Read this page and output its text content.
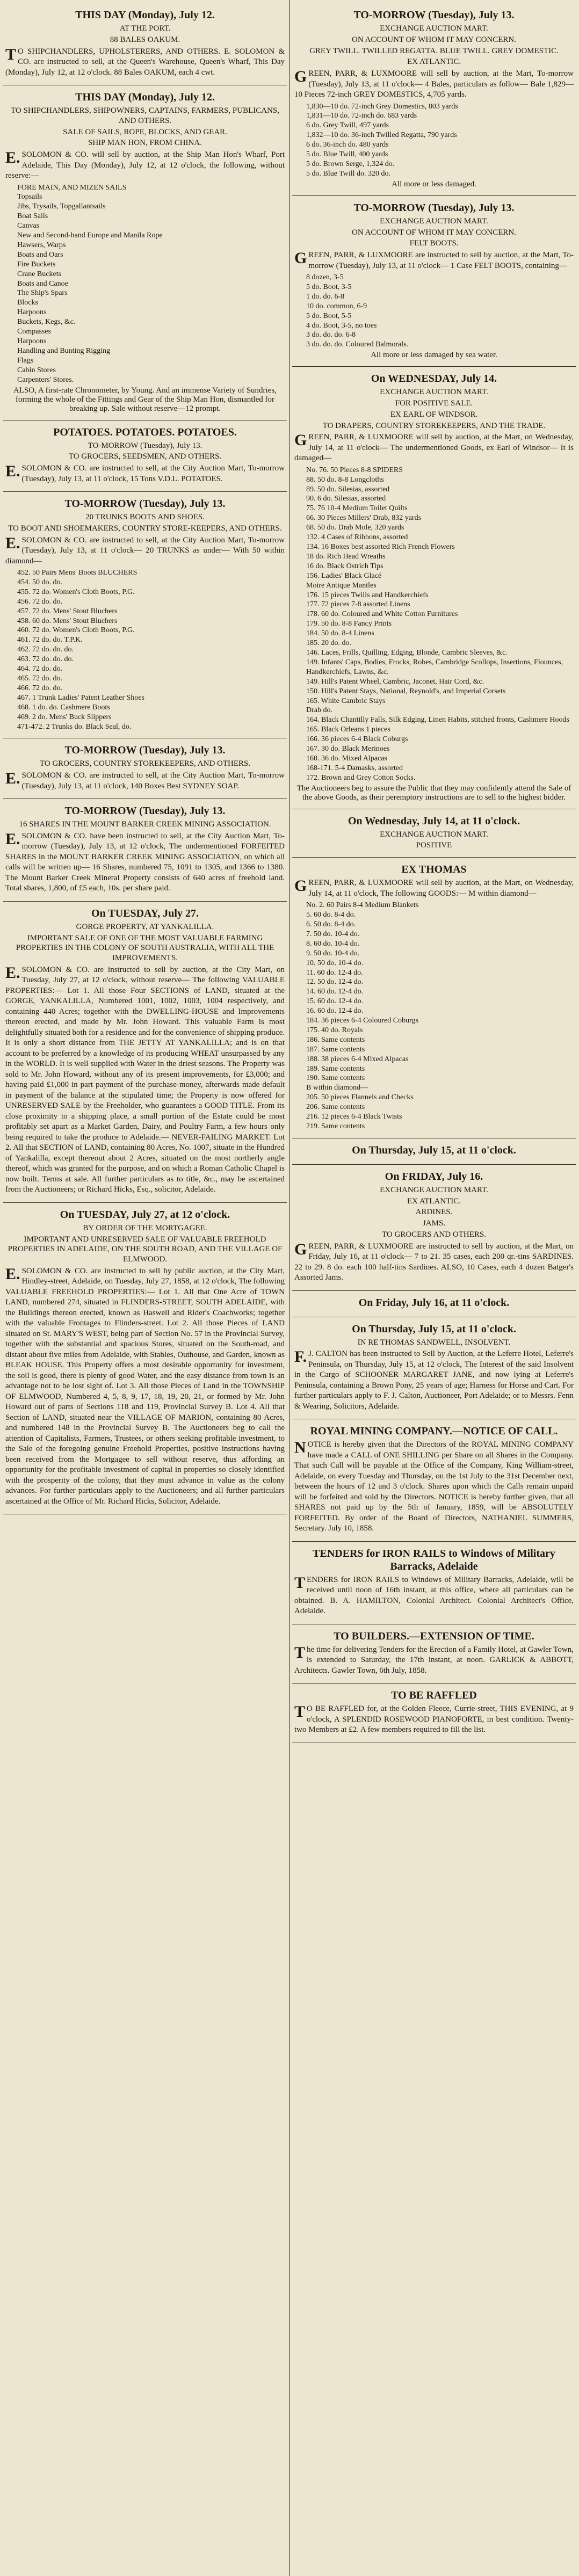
THIS DAY (Monday), July 12.
AT THE PORT.
88 BALES OAKUM.

TO SHIPCHANDLERS, UPHOLSTERERS, AND OTHERS. E. SOLOMON & CO. are instructed to sell, at the Queen's Warehouse, Queen's Wharf, This Day (Monday), July 12, at 12 o'clock. 88 Bales OAKUM, each 4 cwt.

THIS DAY (Monday), July 12.
TO SHIPCHANDLERS, SHIPOWNERS, CAPTAINS, FARMERS, PUBLICANS, AND OTHERS.
SALE OF SAILS, ROPE, BLOCKS, AND GEAR.
SHIP MAN HON, FROM CHINA.

E.SOLOMON & CO. will sell by auction, at the Ship Man Hon's Wharf, Port Adelaide, This Day (Monday), July 12, at 12 o'clock, the following, without reserve:—

FORE MAIN, AND MIZEN SAILS
Topsails
Jibs, Trysails, Topgallantsails
Boat Sails
Canvas
New and Second-hand Europe and Manila Rope
Hawsers, Warps
Boats and Oars
Fire Buckets
Crane Buckets
Boats and Canoe
The Ship's Spars
Blocks
Harpoons
Buckets, Kegs, &c.
Compasses
Harpoons
Handling and Bunting Rigging
Flags
Cabin Stores
Carpenters' Stores.
ALSO, A first-rate Chronometer, by Young. And an immense Variety of Sundries, forming the whole of the Fittings and Gear of the Ship Man Hon, dismantled for breaking up. Sale without reserve—12 prompt.
POTATOES. POTATOES. POTATOES.
TO-MORROW (Tuesday), July 13.
TO GROCERS, SEEDSMEN, AND OTHERS.

E.SOLOMON & CO. are instructed to sell, at the City Auction Mart, To-morrow (Tuesday), July 13, at 11 o'clock, 15 Tons V.D.L. POTATOES.

TO-MORROW (Tuesday), July 13.
20 TRUNKS BOOTS AND SHOES.
TO BOOT AND SHOEMAKERS, COUNTRY STORE-KEEPERS, AND OTHERS.

E.SOLOMON & CO. are instructed to sell, at the City Auction Mart, To-morrow (Tuesday), July 13, at 11 o'clock— 20 TRUNKS as under— With 50 within diamond—

452. 50 Pairs Mens' Boots BLUCHERS
454. 50 do. do.
455. 72 do. Women's Cloth Boots, P.G.
456. 72 do. do.
457. 72 do. Mens' Stout Bluchers
458. 60 do. Mens' Stout Bluchers
460. 72 do. Women's Cloth Boots, P.G.
461. 72 do. do. T.P.K.
462. 72 do. do. do.
463. 72 do. do. do.
464. 72 do. do.
465. 72 do. do.
466. 72 do. do.
467. 1 Trunk Ladies' Patent Leather Shoes
468. 1 do. do. Cashmere Boots
469. 2 do. Mens' Buck Slippers
471-472. 2 Trunks do. Black Seal, do.
TO-MORROW (Tuesday), July 13.
TO GROCERS, COUNTRY STOREKEEPERS, AND OTHERS.

E.SOLOMON & CO. are instructed to sell, at the City Auction Mart, To-morrow (Tuesday), July 13, at 11 o'clock, 140 Boxes Best SYDNEY SOAP.

TO-MORROW (Tuesday), July 13.
16 SHARES IN THE MOUNT BARKER CREEK MINING ASSOCIATION.

E.SOLOMON & CO. have been instructed to sell, at the City Auction Mart, To-morrow (Tuesday), July 13, at 12 o'clock, The undermentioned FORFEITED SHARES in the MOUNT BARKER CREEK MINING ASSOCIATION, on which all calls will be written up— 16 Shares, numbered 75, 1091 to 1305, and 1366 to 1380. The Mount Barker Creek Mineral Property consists of 640 acres of freehold land. Total shares, 1,800, of £5 each, 10s. per share paid.

On TUESDAY, July 27.
GORGE PROPERTY, AT YANKALILLA.
IMPORTANT SALE OF ONE OF THE MOST VALUABLE FARMING PROPERTIES IN THE COLONY OF SOUTH AUSTRALIA, WITH ALL THE IMPROVEMENTS.

E.SOLOMON & CO. are instructed to sell by auction, at the City Mart, on Tuesday, July 27, at 12 o'clock, without reserve— The following VALUABLE PROPERTIES:— Lot 1. All those Four SECTIONS of LAND, situated at the GORGE, YANKALILLA, Numbered 1001, 1002, 1003, 1004 respectively, and containing 440 Acres; together with the DWELLING-HOUSE and Improvements thereon erected, and made by Mr. John Howard. This valuable Farm is most delightfully situated both for a residence and for the convenience of shipping produce. It is only a short distance from THE JETTY AT YANKALILLA; and is on that account to be preferred by a knowledge of its producing WHEAT unsurpassed by any in the WORLD. It is well supplied with Water in the driest seasons. The Property was sold to Mr. John Howard, without any of its present improvements, for £3,000; and having paid £1,000 in part payment of the purchase-money, afterwards made default in payment of the balance at the stipulated time; the Property is now offered for UNRESERVED SALE by the Freeholder, who guarantees a GOOD TITLE. From its close proximity to a shipping place, a small portion of the Estate could be most profitably set apart as a Market Garden, Dairy, and Poultry Farm, a few hours only being required to take the produce to Adelaide.— NEVER-FAILING MARKET. Lot 2. All that SECTION of LAND, containing 80 Acres, No. 1007, situate in the Hundred of Yankalilla, except thereout about 2 Acres, situated on the most northerly angle thereof, which was granted for the purpose, and on which a Roman Catholic Chapel is now built. Terms at sale. All further particulars as to title, &c., may be ascertained from the Auctioneers; or Richard Hicks, Esq., solicitor, Adelaide.

On TUESDAY, July 27, at 12 o'clock.
BY ORDER OF THE MORTGAGEE.
IMPORTANT AND UNRESERVED SALE OF VALUABLE FREEHOLD PROPERTIES IN ADELAIDE, ON THE SOUTH ROAD, AND THE VILLAGE OF ELMWOOD.

E.SOLOMON & CO. are instructed to sell by public auction, at the City Mart, Hindley-street, Adelaide, on Tuesday, July 27, 1858, at 12 o'clock, The following VALUABLE FREEHOLD PROPERTIES:— Lot 1. All that One Acre of TOWN LAND, numbered 274, situated in FLINDERS-STREET, SOUTH ADELAIDE, with the Buildings thereon erected, known as Haswell and Rider's Coachworks; together with the valuable Frontages to Flinders-street. Lot 2. All those Pieces of LAND situated on St. MARY'S WEST, being part of Section No. 57 in the Provincial Survey, together with the substantial and spacious Stores, situated on the South-road, and distant about five miles from Adelaide, with Stables, Outhouse, and Garden, known as BLEAK HOUSE. This Property offers a most desirable opportunity for investment, the soil is good, there is plenty of good Water, and the easy distance from town is an advantage not to be lost sight of. Lot 3. All those Pieces of Land in the TOWNSHIP OF ELMWOOD, Numbered 4, 5, 8, 9, 17, 18, 19, 20, 21, or formed by Mr. John Howard out of parts of Sections 118 and 119, Provincial Survey B. Lot 4. All that Section of LAND, situated near the VILLAGE OF MARION, containing 80 Acres, and numbered 148 in the Provincial Survey B. The Auctioneers beg to call the attention of Capitalists, Farmers, Trustees, or others seeking profitable investment, to the Sale of the foregoing genuine Freehold Properties, positive instructions having been received from the Mortgagee to sell without reserve, thus affording an opportunity for the profitable investment of capital in properties so closely identified with the prosperity of the colony, that they must advance in value as the colony advances. For further particulars apply to the Auctioneers; and all further particulars ascertained at the Office of Mr. Richard Hicks, Solicitor, Adelaide.

TO-MORROW (Tuesday), July 13.
EXCHANGE AUCTION MART.
ON ACCOUNT OF WHOM IT MAY CONCERN.
GREY TWILL. TWILLED REGATTA. BLUE TWILL. GREY DOMESTIC.
EX ATLANTIC.

GREEN, PARR, & LUXMOORE will sell by auction, at the Mart, To-morrow (Tuesday), July 13, at 11 o'clock— 4 Bales, particulars as follow— Bale 1,829—10 Pieces 72-inch GREY DOMESTICS, 4,705 yards.

1,830—10 do. 72-inch Grey Domestics, 803 yards
1,831—10 do. 72-inch do. 683 yards
6 do. Grey Twill, 497 yards
1,832—10 do. 36-inch Twilled Regatta, 790 yards
6 do. 36-inch do. 480 yards
5 do. Blue Twill, 400 yards
5 do. Brown Serge, 1,324 do.
5 do. Blue Twill do. 320 do.
All more or less damaged.
TO-MORROW (Tuesday), July 13.
EXCHANGE AUCTION MART.
ON ACCOUNT OF WHOM IT MAY CONCERN.
FELT BOOTS.

GREEN, PARR, & LUXMOORE are instructed to sell by auction, at the Mart, To-morrow (Tuesday), July 13, at 11 o'clock— 1 Case FELT BOOTS, containing—

8 dozen, 3-5
5 do. Boot, 3-5
1 do. do. 6-8
10 do. common, 6-9
5 do. Boot, 5-5
4 do. Boot, 3-5, no toes
3 do. do. do. 6-8
3 do. do. do. Coloured Balmorals.
All more or less damaged by sea water.
On WEDNESDAY, July 14.
EXCHANGE AUCTION MART.
FOR POSITIVE SALE.
EX EARL OF WINDSOR.
TO DRAPERS, COUNTRY STOREKEEPERS, AND THE TRADE.

GREEN, PARR, & LUXMOORE will sell by auction, at the Mart, on Wednesday, July 14, at 11 o'clock— The undermentioned Goods, ex Earl of Windsor— It is damaged—

No. 76. 50 Pieces 8-8 SPIDERS
88. 50 do. 8-8 Longcloths
89. 50 do. Silesias, assorted
90. 6 do. Silesias, assorted
75. 76 10-4 Medium Toilet Quilts
66. 30 Pieces Millers' Drab, 832 yards
68. 50 do. Drab Mole, 320 yards
132. 4 Cases of Ribbons, assorted
134. 16 Boxes best assorted Rich French Flowers
18 do. Rich Head Wreaths
16 do. Black Ostrich Tips
156. Ladies' Black Glacé
Moire Antique Mantles
176. 15 pieces Twills and Handkerchiefs
177. 72 pieces 7-8 assorted Linens
178. 60 do. Coloured and White Cotton Furnitures
179. 50 do. 8-8 Fancy Prints
184. 50 do. 8-4 Linens
185. 20 do. do.
146. Laces, Frills, Quilling, Edging, Blonde, Cambric Sleeves, &c.
149. Infants' Caps, Bodies, Frocks, Robes, Cambridge Scollops, Insertions, Flounces, Handkerchiefs, Lawns, &c.
149. Hill's Patent Wheel, Cambric, Jaconet, Hair Cord, &c.
150. Hill's Patent Stays, National, Reynold's, and Imperial Corsets
165. White Cambric Stays
Drab do.
164. Black Chantilly Falls, Silk Edging, Linen Habits, stitched fronts, Cashmere Hoods
165. Black Orleans 1 pieces
166. 36 pieces 6-4 Black Coburgs
167. 30 do. Black Merinoes
168. 36 do. Mixed Alpacas
168-171. 5-4 Damasks, assorted
172. Brown and Grey Cotton Socks.
The Auctioneers beg to assure the Public that they may confidently attend the Sale of the above Goods, as their peremptory instructions are to sell to the highest bidder.
On Wednesday, July 14, at 11 o'clock.
EXCHANGE AUCTION MART.
POSITIVE
EX THOMAS

GREEN, PARR, & LUXMOORE will sell by auction, at the Mart, on Wednesday, July 14, at 11 o'clock, The following GOODS:— M within diamond—

No. 2. 60 Pairs 8-4 Medium Blankets
5. 60 do. 8-4 do.
6. 50 do. 8-4 do.
7. 50 do. 10-4 do.
8. 60 do. 10-4 do.
9. 50 do. 10-4 do.
10. 50 do. 10-4 do.
11. 60 do. 12-4 do.
12. 50 do. 12-4 do.
14. 60 do. 12-4 do.
15. 60 do. 12-4 do.
16. 60 do. 12-4 do.
184. 36 pieces 6-4 Coloured Coburgs
175. 40 do. Royals
186. Same contents
187. Same contents
188. 38 pieces 6-4 Mixed Alpacas
189. Same contents
190. Same contents
B within diamond—
205. 50 pieces Flannels and Checks
206. Same contents
216. 12 pieces 6-4 Black Twists
219. Same contents
On Thursday, July 15, at 11 o'clock.
On FRIDAY, July 16.
EXCHANGE AUCTION MART.
EX ATLANTIC.
ARDINES.
JAMS.
TO GROCERS AND OTHERS.

GREEN, PARR, & LUXMOORE are instructed to sell by auction, at the Mart, on Friday, July 16, at 11 o'clock— 7 to 21. 35 cases, each 200 qr.-tins SARDINES. 22 to 29. 8 do. each 100 half-tins Sardines. ALSO, 10 Cases, each 4 dozen Batger's Assorted Jams.

On Friday, July 16, at 11 o'clock.
On Thursday, July 15, at 11 o'clock.
IN RE THOMAS SANDWELL, INSOLVENT.

F.J. CALTON has been instructed to Sell by Auction, at the Leferre Hotel, Leferre's Peninsula, on Thursday, July 15, at 12 o'clock, The Interest of the said Insolvent in the Cargo of SCHOONER MARGARET JANE, and now lying at Leferre's Peninsula, containing a Brown Pony, 25 years of age; Harness for Horse and Cart. For further particulars apply to F. J. Calton, Auctioneer, Port Adelaide; or to Messrs. Fenn & Wearing, Solicitors, Adelaide.

ROYAL MINING COMPANY.—NOTICE OF CALL.

NOTICE is hereby given that the Directors of the ROYAL MINING COMPANY have made a CALL of ONE SHILLING per Share on all Shares in the Company. That such Call will be payable at the Office of the Company, King William-street, Adelaide, on every Tuesday and Thursday, on the 1st July to the 31st December next, between the hours of 12 and 3 o'clock. Shares upon which the Calls remain unpaid will be forfeited and sold by the Directors. NOTICE is hereby further given, that all SHARES not paid up by the 5th of January, 1859, will be ABSOLUTELY FORFEITED. By order of the Board of Directors, NATHANIEL SUMMERS, Secretary. July 10, 1858.

TENDERS for IRON RAILS to Windows of Military Barracks, Adelaide

TENDERS for IRON RAILS to Windows of Military Barracks, Adelaide, will be received until noon of 16th instant, at this office, where all particulars can be obtained. B. A. HAMILTON, Colonial Architect. Colonial Architect's Office, Adelaide.

TO BUILDERS.—EXTENSION OF TIME.

The time for delivering Tenders for the Erection of a Family Hotel, at Gawler Town, is extended to Saturday, the 17th instant, at noon. GARLICK & ABBOTT, Architects. Gawler Town, 6th July, 1858.

TO BE RAFFLED

TO BE RAFFLED for, at the Golden Fleece, Currie-street, THIS EVENING, at 9 o'clock, A SPLENDID ROSEWOOD PIANOFORTE, in best condition. Twenty-two Members at £2. A few members required to fill the list.
